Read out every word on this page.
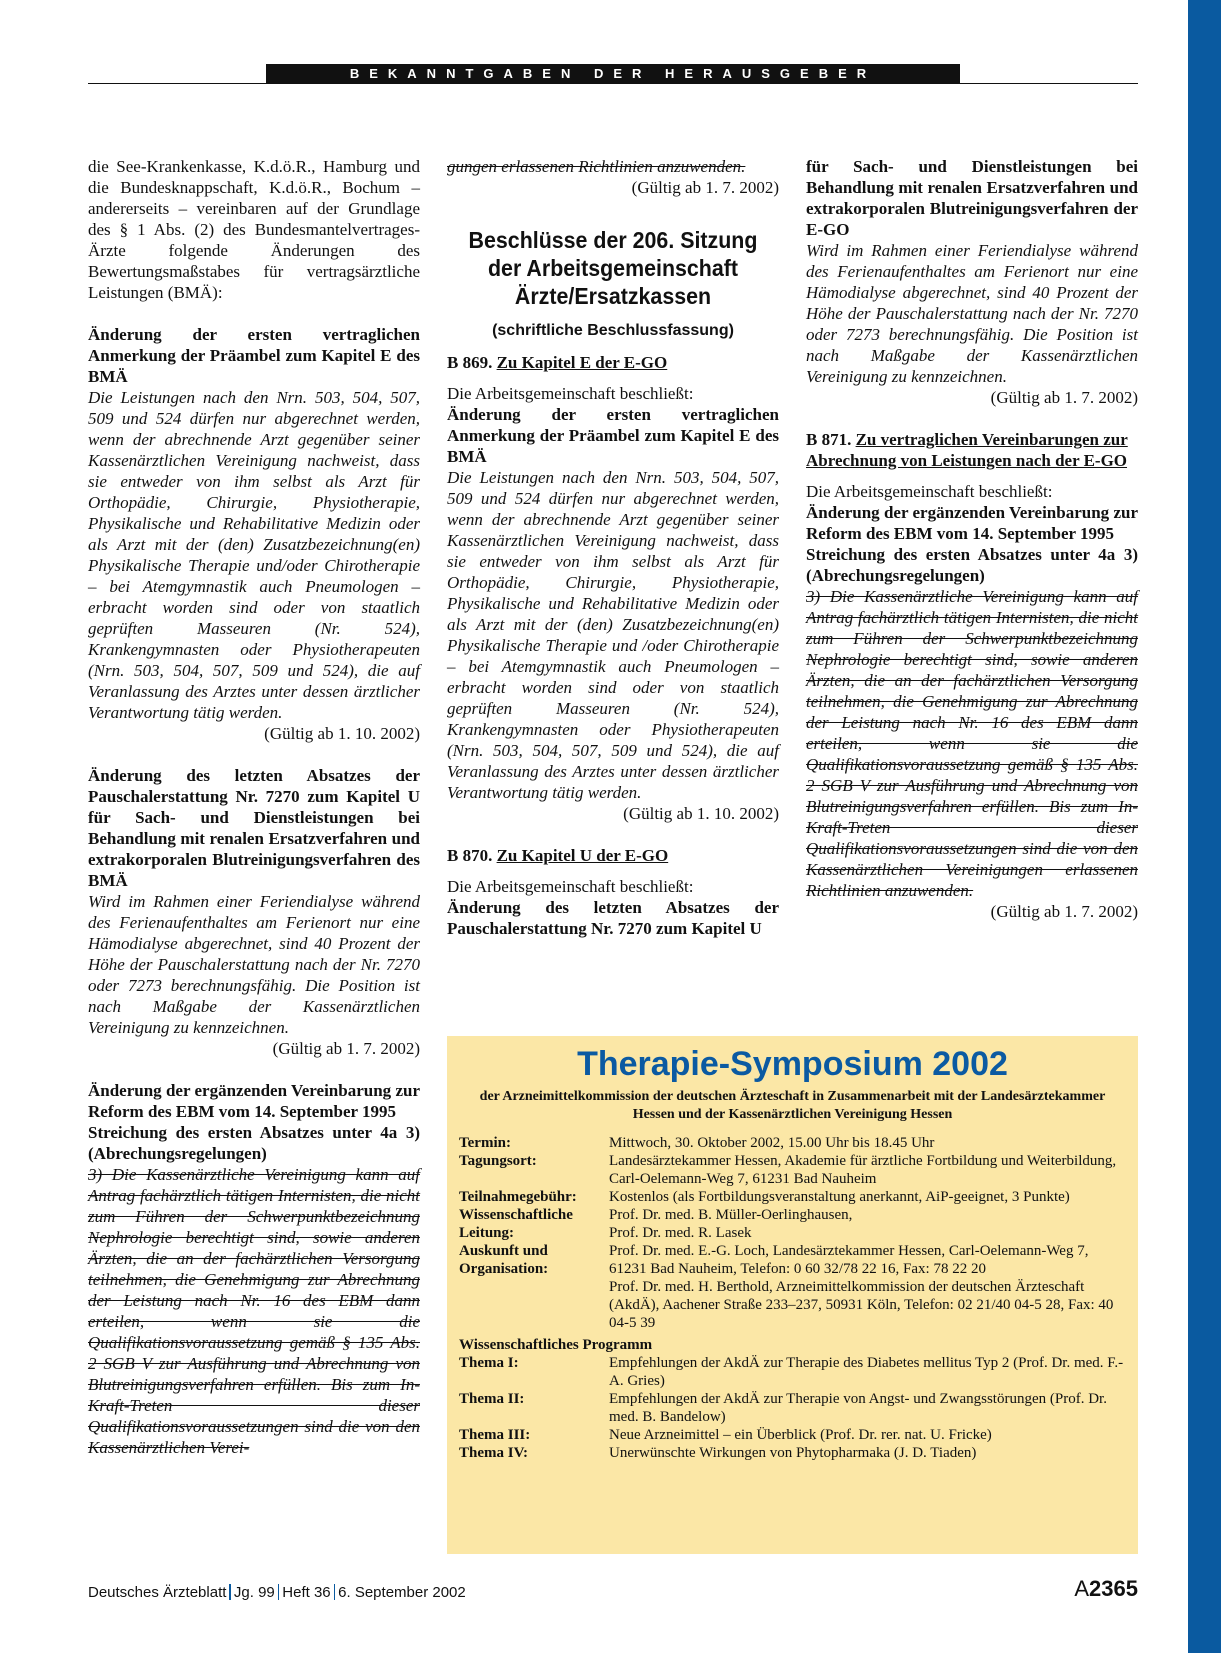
BEKANNTGABEN DER HERAUSGEBER

die See-Krankenkasse, K.d.ö.R., Hamburg und die Bundesknappschaft, K.d.ö.R., Bochum – andererseits – vereinbaren auf der Grundlage des § 1 Abs. (2) des Bundesmantelvertrages-Ärzte folgende Änderungen des Bewertungsmaßstabes für vertragsärztliche Leistungen (BMÄ):

Änderung der ersten vertraglichen Anmerkung der Präambel zum Kapitel E des BMÄ

Die Leistungen nach den Nrn. 503, 504, 507, 509 und 524 dürfen nur abgerechnet werden, wenn der abrechnende Arzt gegenüber seiner Kassenärztlichen Vereinigung nachweist, dass sie entweder von ihm selbst als Arzt für Orthopädie, Chirurgie, Physiotherapie, Physikalische und Rehabilitative Medizin oder als Arzt mit der (den) Zusatzbezeichnung(en) Physikalische Therapie und/oder Chirotherapie – bei Atemgymnastik auch Pneumologen – erbracht worden sind oder von staatlich geprüften Masseuren (Nr. 524), Krankengymnasten oder Physiotherapeuten (Nrn. 503, 504, 507, 509 und 524), die auf Veranlassung des Arztes unter dessen ärztlicher Verantwortung tätig werden.

(Gültig ab 1. 10. 2002)

Änderung des letzten Absatzes der Pauschalerstattung Nr. 7270 zum Kapitel U für Sach- und Dienstleistungen bei Behandlung mit renalen Ersatzverfahren und extrakorporalen Blutreinigungsverfahren des BMÄ

Wird im Rahmen einer Feriendialyse während des Ferienaufenthaltes am Ferienort nur eine Hämodialyse abgerechnet, sind 40 Prozent der Höhe der Pauschalerstattung nach der Nr. 7270 oder 7273 berechnungsfähig. Die Position ist nach Maßgabe der Kassenärztlichen Vereinigung zu kennzeichnen.

(Gültig ab 1. 7. 2002)

Änderung der ergänzenden Vereinbarung zur Reform des EBM vom 14. September 1995

Streichung des ersten Absatzes unter 4a 3) (Abrechungsregelungen)

3) Die Kassenärztliche Vereinigung kann auf Antrag fachärztlich tätigen Internisten, die nicht zum Führen der Schwerpunktbezeichnung Nephrologie berechtigt sind, sowie anderen Ärzten, die an der fachärztlichen Versorgung teilnehmen, die Genehmigung zur Abrechnung der Leistung nach Nr. 16 des EBM dann erteilen, wenn sie die Qualifikationsvoraussetzung gemäß § 135 Abs. 2 SGB V zur Ausführung und Abrechnung von Blutreinigungsverfahren erfüllen. Bis zum In-Kraft-Treten dieser Qualifikationsvoraussetzungen sind die von den Kassenärztlichen Verei-

gungen erlassenen Richtlinien anzuwenden.

(Gültig ab 1. 7. 2002)

Beschlüsse der 206. Sitzung der Arbeitsgemeinschaft Ärzte/Ersatzkassen
(schriftliche Beschlussfassung)

B 869. Zu Kapitel E der E-GO

Die Arbeitsgemeinschaft beschließt:

Änderung der ersten vertraglichen Anmerkung der Präambel zum Kapitel E des BMÄ

Die Leistungen nach den Nrn. 503, 504, 507, 509 und 524 dürfen nur abgerechnet werden, wenn der abrechnende Arzt gegenüber seiner Kassenärztlichen Vereinigung nachweist, dass sie entweder von ihm selbst als Arzt für Orthopädie, Chirurgie, Physiotherapie, Physikalische und Rehabilitative Medizin oder als Arzt mit der (den) Zusatzbezeichnung(en) Physikalische Therapie und /oder Chirotherapie – bei Atemgymnastik auch Pneumologen – erbracht worden sind oder von staatlich geprüften Masseuren (Nr. 524), Krankengymnasten oder Physiotherapeuten (Nrn. 503, 504, 507, 509 und 524), die auf Veranlassung des Arztes unter dessen ärztlicher Verantwortung tätig werden.

(Gültig ab 1. 10. 2002)

B 870. Zu Kapitel U der E-GO

Die Arbeitsgemeinschaft beschließt:

Änderung des letzten Absatzes der Pauschalerstattung Nr. 7270 zum Kapitel U

für Sach- und Dienstleistungen bei Behandlung mit renalen Ersatzverfahren und extrakorporalen Blutreinigungsverfahren der E-GO

Wird im Rahmen einer Feriendialyse während des Ferienaufenthaltes am Ferienort nur eine Hämodialyse abgerechnet, sind 40 Prozent der Höhe der Pauschalerstattung nach der Nr. 7270 oder 7273 berechnungsfähig. Die Position ist nach Maßgabe der Kassenärztlichen Vereinigung zu kennzeichnen.

(Gültig ab 1. 7. 2002)

B 871. Zu vertraglichen Vereinbarungen zur Abrechnung von Leistungen nach der E-GO

Die Arbeitsgemeinschaft beschließt:

Änderung der ergänzenden Vereinbarung zur Reform des EBM vom 14. September 1995

Streichung des ersten Absatzes unter 4a 3) (Abrechungsregelungen)

3) Die Kassenärztliche Vereinigung kann auf Antrag fachärztlich tätigen Internisten, die nicht zum Führen der Schwerpunktbezeichnung Nephrologie berechtigt sind, sowie anderen Ärzten, die an der fachärztlichen Versorgung teilnehmen, die Genehmigung zur Abrechnung der Leistung nach Nr. 16 des EBM dann erteilen, wenn sie die Qualifikationsvoraussetzung gemäß § 135 Abs. 2 SGB V zur Ausführung und Abrechnung von Blutreinigungsverfahren erfüllen. Bis zum In-Kraft-Treten dieser Qualifikationsvoraussetzungen sind die von den Kassenärztlichen Vereinigungen erlassenen Richtlinien anzuwenden.

(Gültig ab 1. 7. 2002)

Therapie-Symposium 2002
der Arzneimittelkommission der deutschen Ärzteschaft in Zusammenarbeit mit der Landesärztekammer Hessen und der Kassenärztlichen Vereinigung Hessen
Termin:	Mittwoch, 30. Oktober 2002, 15.00 Uhr bis 18.45 Uhr
Tagungsort:	Landesärztekammer Hessen, Akademie für ärztliche Fortbildung und Weiterbildung, Carl-Oelemann-Weg 7, 61231 Bad Nauheim
Teilnahmegebühr:	Kostenlos (als Fortbildungsveranstaltung anerkannt, AiP-geeignet, 3 Punkte)
Wissenschaftliche Leitung:
Prof. Dr. med. B. Müller-Oerlinghausen,
Prof. Dr. med. R. Lasek
Auskunft und Organisation:
Prof. Dr. med. E.-G. Loch, Landesärztekammer Hessen, Carl-Oelemann-Weg 7, 61231 Bad Nauheim, Telefon: 0 60 32/78 22 16, Fax: 78 22 20
Prof. Dr. med. H. Berthold, Arzneimittelkommission der deutschen Ärzteschaft (AkdÄ), Aachener Straße 233–237, 50931 Köln, Telefon: 02 21/40 04-5 28, Fax: 40 04-5 39
Wissenschaftliches Programm
Thema I:	Empfehlungen der AkdÄ zur Therapie des Diabetes mellitus Typ 2 (Prof. Dr. med. F.-A. Gries)
Thema II:	Empfehlungen der AkdÄ zur Therapie von Angst- und Zwangsstörungen (Prof. Dr. med. B. Bandelow)
Thema III:	Neue Arzneimittel – ein Überblick (Prof. Dr. rer. nat. U. Fricke)
Thema IV:	Unerwünschte Wirkungen von Phytopharmaka (J. D. Tiaden)
Deutsches Ärzteblatt Jg. 99 Heft 36 6. September 2002	A2365
